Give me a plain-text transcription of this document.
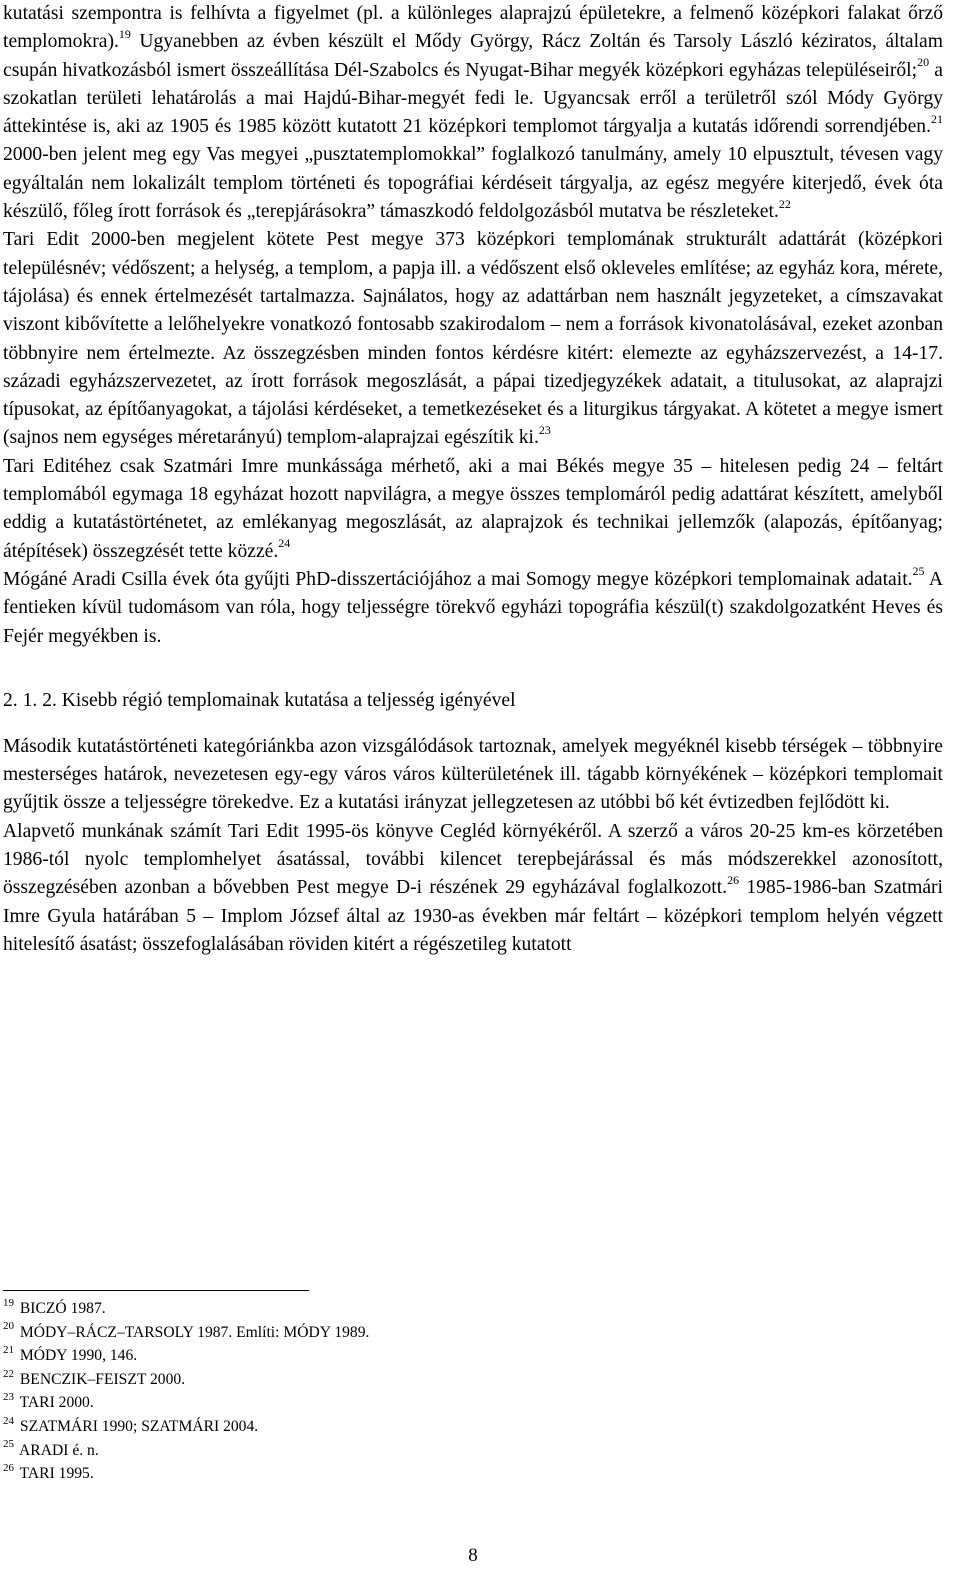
kutatási szempontra is felhívta a figyelmet (pl. a különleges alaprajzú épületekre, a felmenő középkori falakat őrző templomokra).$^{19}$ Ugyanebben az évben készült el Mődy György, Rácz Zoltán és Tarsoly László kéziratos, általam csupán hivatkozásból ismert összeállítása Dél-Szabolcs és Nyugat-Bihar megyék középkori egyházas településeiről;$^{20}$ a szokatlan területi lehatárolás a mai Hajdú-Bihar-megyét fedi le. Ugyancsak erről a területről szól Módy György áttekintése is, aki az 1905 és 1985 között kutatott 21 középkori templomot tárgyalja a kutatás időrendi sorrendjében.$^{21}$ 2000-ben jelent meg egy Vas megyei „pusztatemplomokkal” foglalkozó tanulmány, amely 10 elpusztult, tévesen vagy egyáltalán nem lokalizált templom történeti és topográfiai kérdéseit tárgyalja, az egész megyére kiterjedő, évek óta készülő, főleg írott források és „terepjárásokra” támaszkodó feldolgozásból mutatva be részleteket.$^{22}$

Tari Edit 2000-ben megjelent kötete Pest megye 373 középkori templomának strukturált adattárát (középkori településnév; védőszent; a helység, a templom, a papja ill. a védőszent első okleveles említése; az egyház kora, mérete, tájolása) és ennek értelmezését tartalmazza. Sajnálatos, hogy az adattárban nem használt jegyzeteket, a címszavakat viszont kibővítette a lelőhelyekre vonatkozó fontosabb szakirodalom – nem a források kivonatolásával, ezeket azonban többnyire nem értelmezte. Az összegzésben minden fontos kérdésre kitért: elemezte az egyházszervezést, a 14-17. századi egyházszervezetet, az írott források megoszlását, a pápai tizedjegyzékek adatait, a titulusokat, az alaprajzi típusokat, az építőanyagokat, a tájolási kérdéseket, a temetkezéseket és a liturgikus tárgyakat. A kötetet a megye ismert (sajnos nem egységes méretarányú) templom-alaprajzai egészítik ki.$^{23}$

Tari Editéhez csak Szatmári Imre munkássága mérhető, aki a mai Békés megye 35 – hitelesen pedig 24 – feltárt templomából egymaga 18 egyházat hozott napvilágra, a megye összes templomáról pedig adattárat készített, amelyből eddig a kutatástörténetet, az emlékanyag megoszlását, az alaprajzok és technikai jellemzők (alapozás, építőanyag; átépítések) összegzését tette közzé.$^{24}$

Mógáné Aradi Csilla évek óta gyűjti PhD-disszertációjához a mai Somogy megye középkori templomainak adatait.$^{25}$ A fentieken kívül tudomásom van róla, hogy teljességre törekvő egyházi topográfia készül(t) szakdolgozatként Heves és Fejér megyékben is.

2. 1. 2. Kisebb régió templomainak kutatása a teljesség igényével

Második kutatástörténeti kategóriánkba azon vizsgálódások tartoznak, amelyek megyéknél kisebb térségek – többnyire mesterséges határok, nevezetesen egy-egy város város külterületének ill. tágabb környékének – középkori templomait gyűjtik össze a teljességre törekedve. Ez a kutatási irányzat jellegzetesen az utóbbi bő két évtizedben fejlődött ki.

Alapvető munkának számít Tari Edit 1995-ös könyve Cegléd környékéről. A szerző a város 20-25 km-es körzetében 1986-tól nyolc templomhelyet ásatással, további kilencet terepbejárással és más módszerekkel azonosított, összegzésében azonban a bővebben Pest megye D-i részének 29 egyházával foglalkozott.$^{26}$ 1985-1986-ban Szatmári Imre Gyula határában 5 – Implom József által az 1930-as években már feltárt – középkori templom helyén végzett hitelesítő ásatást; összefoglalásában röviden kitért a régészetileg kutatott

$^{19}$ BICZÓ 1987.
$^{20}$ MÓDY–RÁCZ–TARSOLY 1987. Említi: MÓDY 1989.
$^{21}$ MÓDY 1990, 146.
$^{22}$ BENCZIK–FEISZT 2000.
$^{23}$ TARI 2000.
$^{24}$ SZATMÁRI 1990; SZATMÁRI 2004.
$^{25}$ ARADI é. n.
$^{26}$ TARI 1995.
8
